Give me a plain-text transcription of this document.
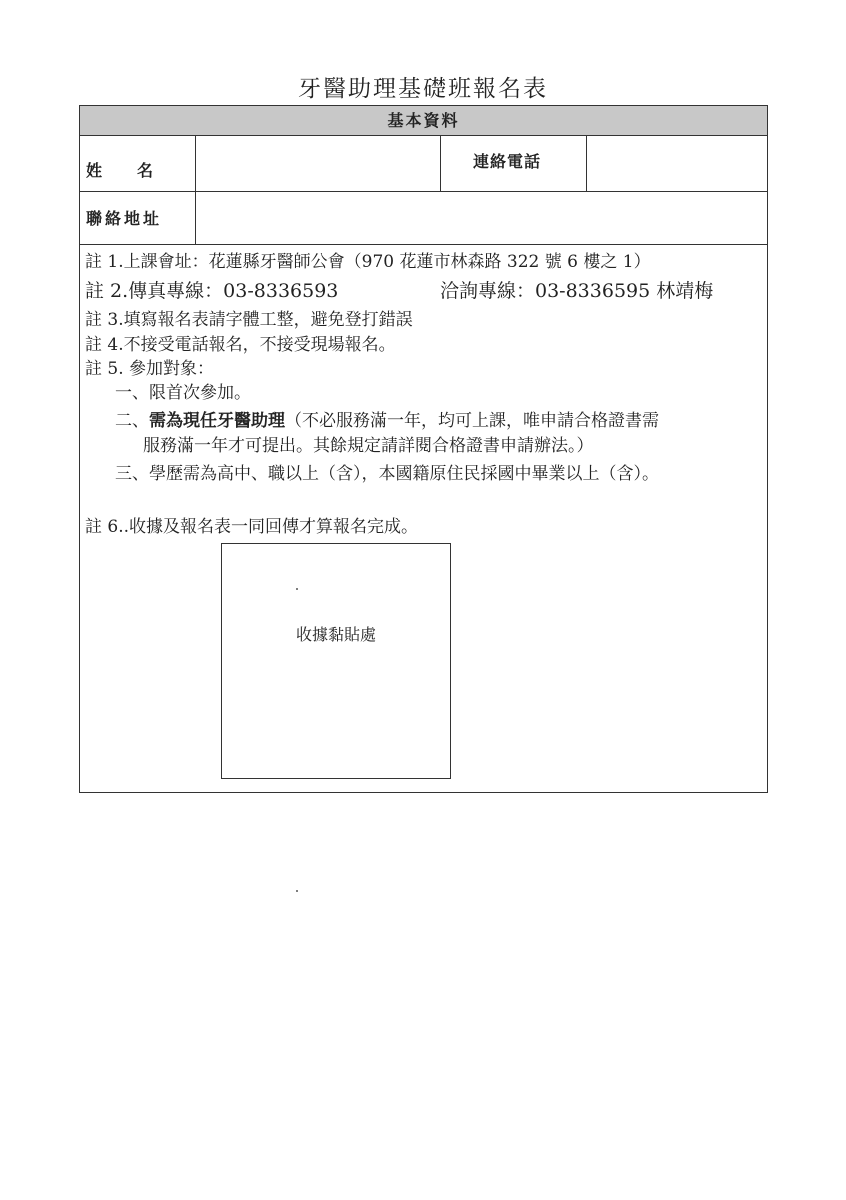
牙醫助理基礎班報名表
基本資料
姓　　名	連絡電話
聯絡地址
註 1.上課會址：花蓮縣牙醫師公會（970 花蓮市林森路 322 號 6 樓之 1）
註 2.傳真專線：03-8336593	洽詢專線：03-8336595 林靖梅
註 3.填寫報名表請字體工整，避免登打錯誤
註 4.不接受電話報名，不接受現場報名。
註 5. 參加對象：
一、限首次參加。
二、需為現任牙醫助理（不必服務滿一年，均可上課，唯申請合格證書需
服務滿一年才可提出。其餘規定請詳閱合格證書申請辦法。）
三、學歷需為高中、職以上（含），本國籍原住民採國中畢業以上（含）。
註 6..收據及報名表一同回傳才算報名完成。
收據黏貼處
